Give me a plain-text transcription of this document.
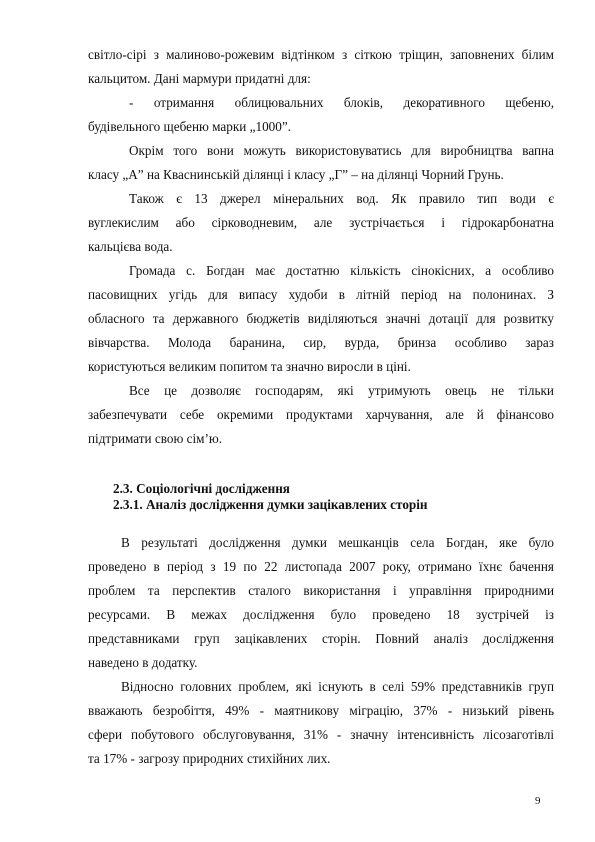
світло-сірі з малиново-рожевим відтінком з сіткою тріщин, заповнених білим
кальцитом. Дані мармури придатні для:
- отримання облицювальних блоків, декоративного щебеню,
будівельного щебеню марки „1000”.
Окрім того вони можуть використовуватись для виробництва вапна
класу „А” на Кваснинській ділянці і класу „Г” – на ділянці Чорний Грунь.
Також є 13 джерел мінеральних вод. Як правило тип води є
вуглекислим або сірководневим, але зустрічається і гідрокарбонатна
кальцієва вода.
Громада с. Богдан має достатню кількість сінокісних, а особливо
пасовищних угідь для випасу худоби в літній період на полонинах. З
обласного та державного бюджетів виділяються значні дотації для розвитку
вівчарства. Молода баранина, сир, вурда, бринза особливо зараз
користуються великим попитом та значно виросли в ціні.
Все це дозволяє господарям, які утримують овець не тільки
забезпечувати себе окремими продуктами харчування, але й фінансово
підтримати свою сім’ю.
2.3. Соціологічні дослідження
2.3.1. Аналіз дослідження думки зацікавлених сторін
В результаті дослідження думки мешканців села Богдан, яке було
проведено в період з 19 по 22 листопада 2007 року, отримано їхнє бачення
проблем та перспектив сталого використання і управління природними
ресурсами. В межах дослідження було проведено 18 зустрічей із
представниками груп зацікавлених сторін. Повний аналіз дослідження
наведено в додатку.
Відносно головних проблем, які існують в селі 59% представників груп
вважають безробіття, 49% - маятникову міграцію, 37% - низький рівень
сфери побутового обслуговування, 31% - значну інтенсивність лісозаготівлі
та 17% - загрозу природних стихійних лих.
9
